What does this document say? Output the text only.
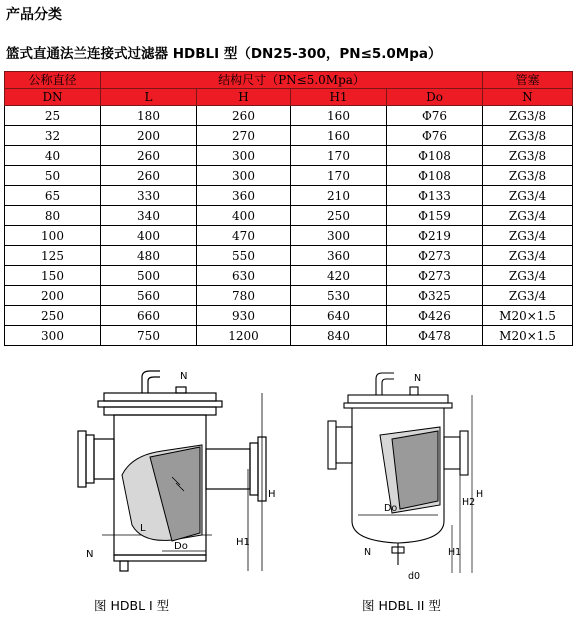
产品分类
篮式直通法兰连接式过滤器 HDBLI 型（DN25-300，PN≤5.0Mpa）
公称直径	结构尺寸（PN≤5.0Mpa）				管塞
DN	L	H	H1	Do	N
25	180	260	160	Φ76	ZG3/8
32	200	270	160	Φ76	ZG3/8
40	260	300	170	Φ108	ZG3/8
50	260	300	170	Φ108	ZG3/8
65	330	360	210	Φ133	ZG3/4
80	340	400	250	Φ159	ZG3/4
100	400	470	300	Φ219	ZG3/4
125	480	550	360	Φ273	ZG3/4
150	500	630	420	Φ273	ZG3/4
200	560	780	530	Φ325	ZG3/4
250	660	930	640	Φ426	M20×1.5
300	750	1200	840	Φ478	M20×1.5
N
N
L
Do
H
H1
N
N
Do
d0
H
H2
H1
图 HDBL I 型	图 HDBL II 型
